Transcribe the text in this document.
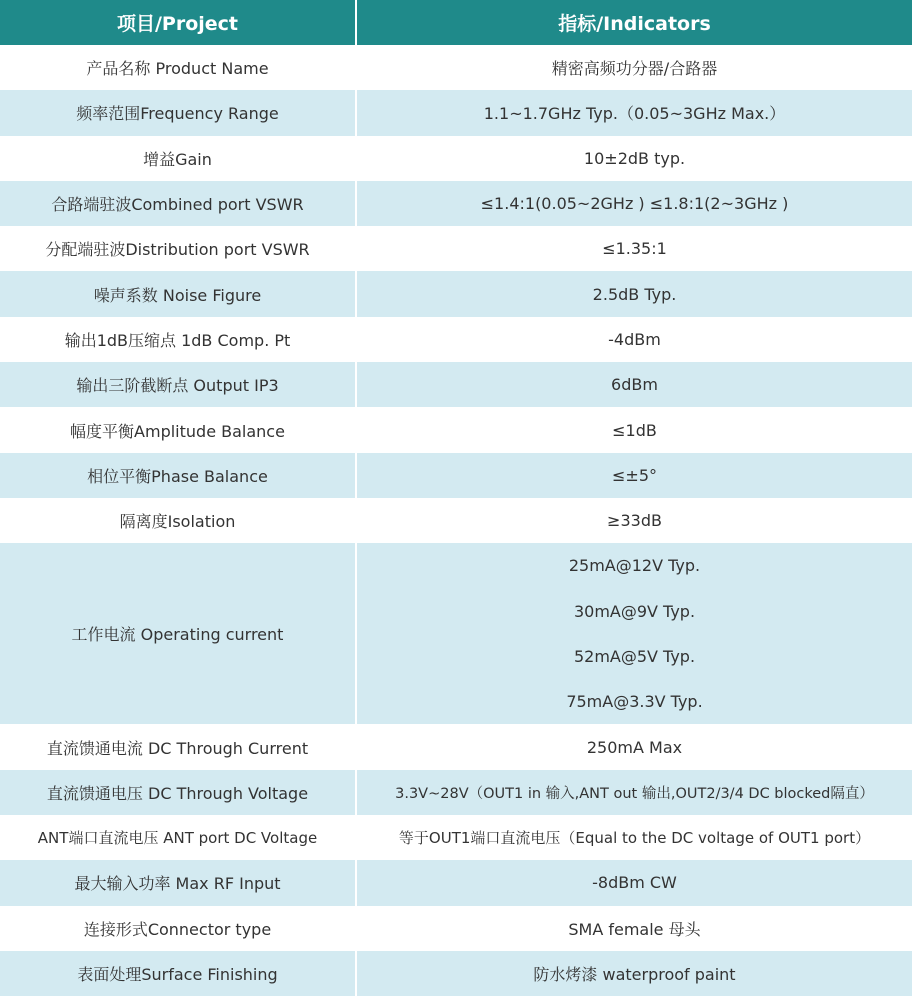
项目/Project	指标/Indicators
产品名称 Product Name	精密高频功分器/合路器
频率范围Frequency Range	1.1~1.7GHz Typ.（0.05~3GHz Max.）
增益Gain	10±2dB typ.
合路端驻波Combined port VSWR	≤1.4:1(0.05~2GHz ) ≤1.8:1(2~3GHz )
分配端驻波Distribution port VSWR	≤1.35:1
噪声系数 Noise Figure	2.5dB Typ.
输出1dB压缩点 1dB Comp. Pt	-4dBm
输出三阶截断点 Output IP3	6dBm
幅度平衡Amplitude Balance	≤1dB
相位平衡Phase Balance	≤±5°
隔离度Isolation	≥33dB
工作电流 Operating current	25mA@12V Typ.
30mA@9V Typ.
52mA@5V Typ.
75mA@3.3V Typ.

直流馈通电流 DC Through Current	250mA Max
直流馈通电压 DC Through Voltage	3.3V~28V（OUT1 in 输入,ANT out 输出,OUT2/3/4 DC blocked隔直）
ANT端口直流电压 ANT port DC Voltage	等于OUT1端口直流电压（Equal to the DC voltage of OUT1 port）
最大输入功率 Max RF Input	-8dBm CW
连接形式Connector type	SMA female 母头
表面处理Surface Finishing	防水烤漆 waterproof paint
